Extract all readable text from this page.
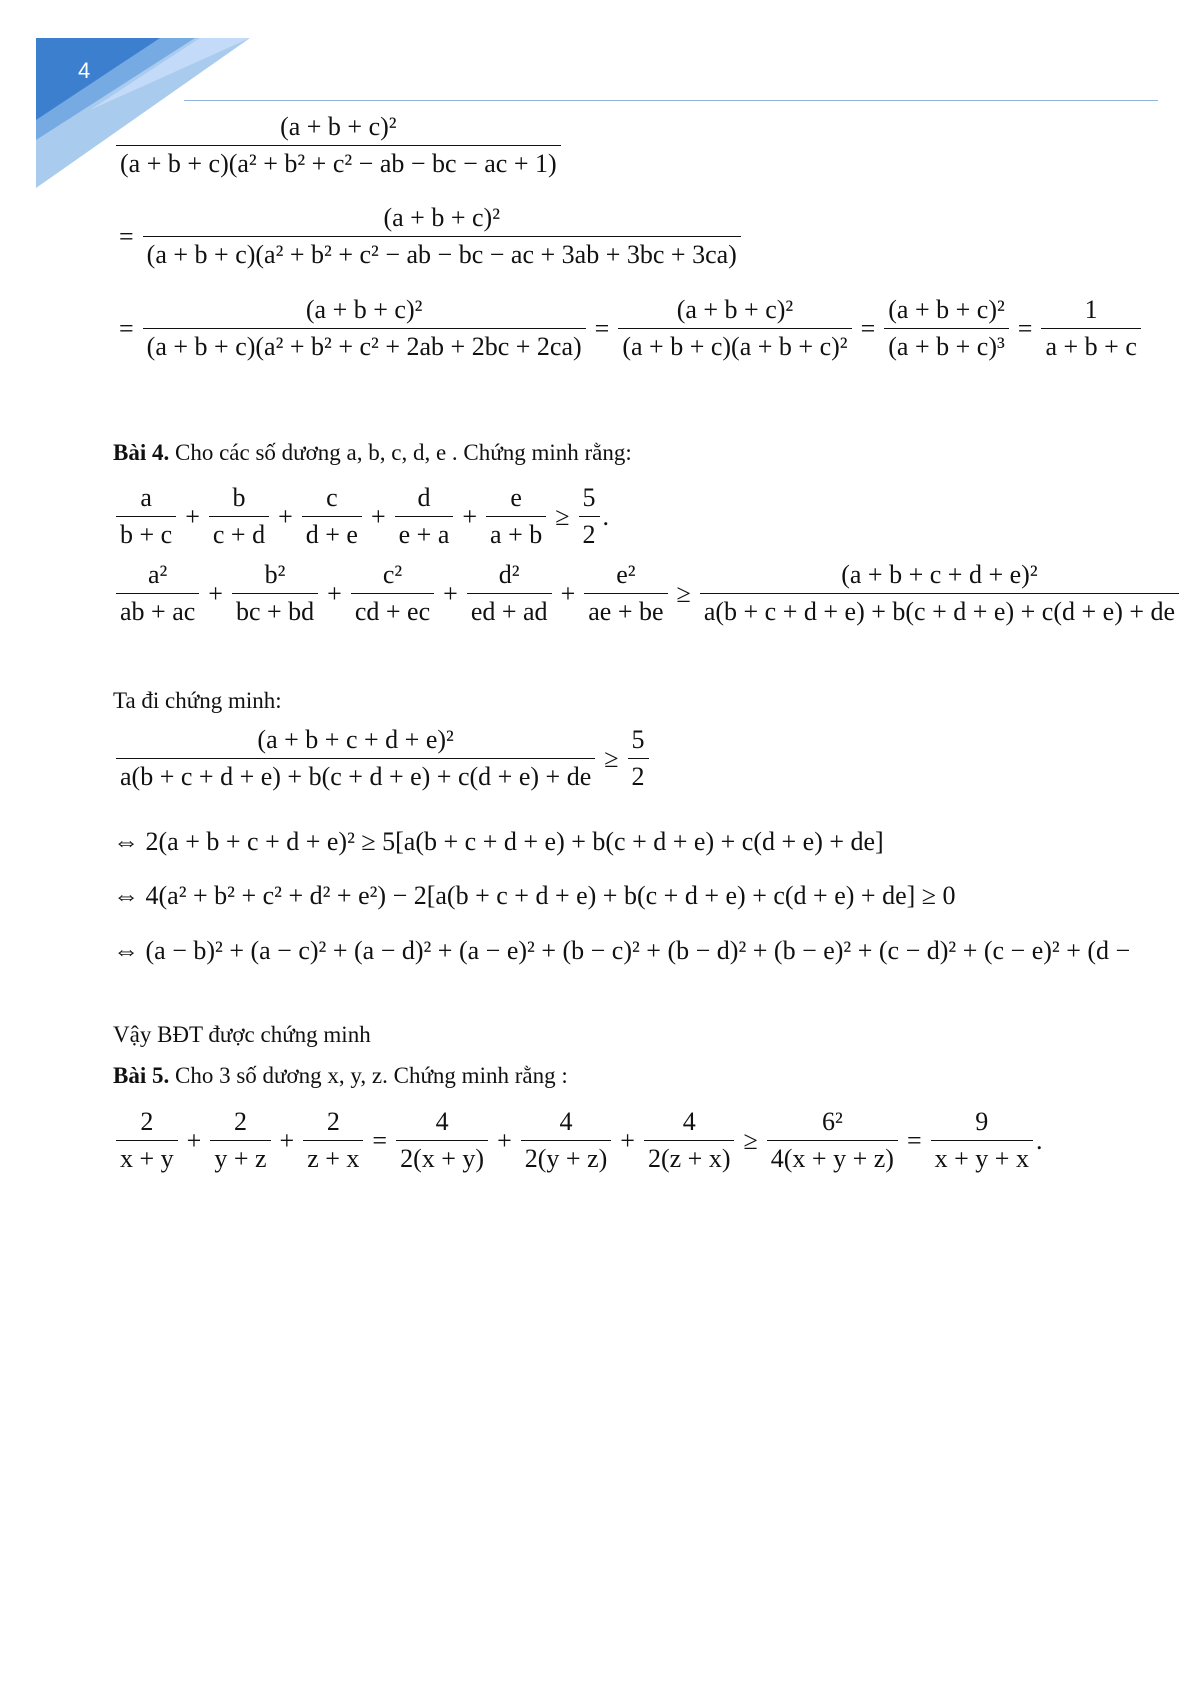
4
$\frac{\text{(a + b + c)²}}{\text{(a + b + c)(a² + b² + c² − ab − bc − ac + 1)}}$
= $\frac{\text{(a + b + c)²}}{\text{(a + b + c)(a² + b² + c² − ab − bc − ac + 3ab + 3bc + 3ca)}}$
= $\frac{\text{(a + b + c)²}}{\text{(a + b + c)(a² + b² + c² + 2ab + 2bc + 2ca)}} = \frac{\text{(a + b + c)²}}{\text{(a + b + c)(a + b + c)²}} = \frac{\text{(a + b + c)²}}{\text{(a + b + c)³}} = \frac{1}{a + b + c}$
Bài 4. Cho các số dương a, b, c, d, e . Chứng minh rằng:
$\frac{a}{b + c} + \frac{b}{c + d} + \frac{c}{d + e} + \frac{d}{e + a} + \frac{e}{a + b} \ge \frac{5}{2}$ .
$\frac{\text{a²}}{ab + ac} + \frac{\text{b²}}{bc + bd} + \frac{\text{c²}}{cd + ec} + \frac{\text{d²}}{ed + ad} + \frac{\text{e²}}{ae + be} \ge \frac{\text{(a + b + c + d + e)²}}{a(b + c + d + e) + b(c + d + e) + c(d + e) + de}$
Ta đi chứng minh:
$\frac{\text{(a + b + c + d + e)²}}{a(b + c + d + e) + b(c + d + e) + c(d + e) + de} \ge \frac{5}{2}$
⇔ 2(a + b + c + d + e)² ≥ 5[a(b + c + d + e) + b(c + d + e) + c(d + e) + de]
⇔ 4(a² + b² + c² + d² + e²) − 2[a(b + c + d + e) + b(c + d + e) + c(d + e) + de] ≥ 0
⇔ (a − b)² + (a − c)² + (a − d)² + (a − e)² + (b − c)² + (b − d)² + (b − e)² + (c − d)² + (c − e)² + (d −
Vậy BĐT được chứng minh
Bài 5. Cho 3 số dương x, y, z. Chứng minh rằng :
$\frac{2}{x + y} + \frac{2}{y + z} + \frac{2}{z + x} = \frac{4}{2(x + y)} + \frac{4}{2(y + z)} + \frac{4}{2(z + x)} \ge \frac{\text{6²}}{4(x + y + z)} = \frac{9}{x + y + x}$ .
